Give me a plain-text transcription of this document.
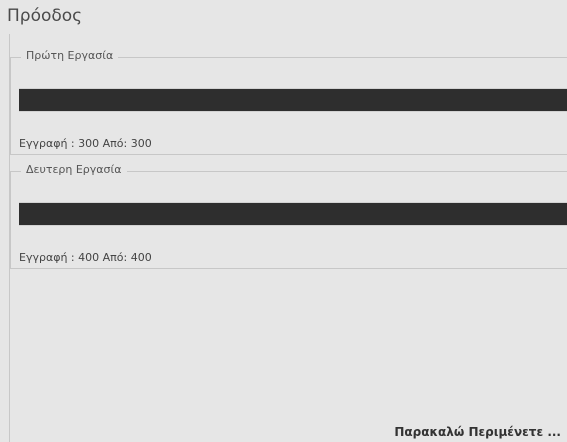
Πρόοδος
Πρώτη Εργασία
Εγγραφή : 300 Από: 300
Δευτερη Εργασία
Εγγραφή : 400 Από: 400
Παρακαλώ Περιμένετε ...
